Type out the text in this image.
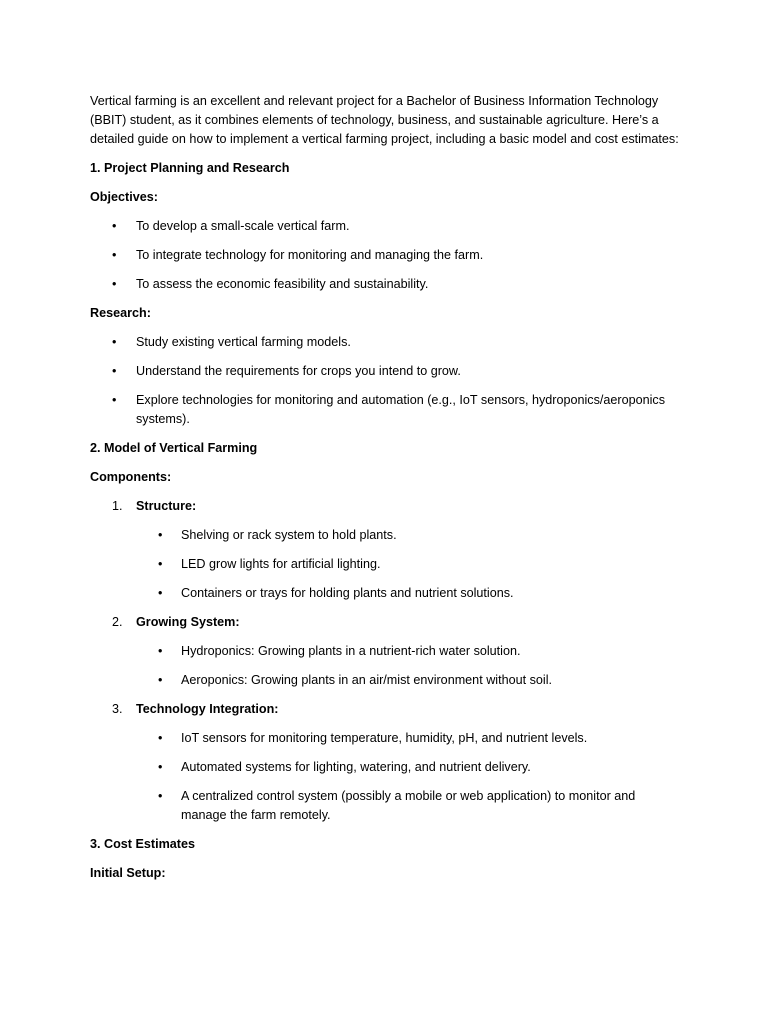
Vertical farming is an excellent and relevant project for a Bachelor of Business Information Technology (BBIT) student, as it combines elements of technology, business, and sustainable agriculture. Here’s a detailed guide on how to implement a vertical farming project, including a basic model and cost estimates:

1. Project Planning and Research

Objectives:

• To develop a small-scale vertical farm.
• To integrate technology for monitoring and managing the farm.
• To assess the economic feasibility and sustainability.

Research:

• Study existing vertical farming models.
• Understand the requirements for crops you intend to grow.
• Explore technologies for monitoring and automation (e.g., IoT sensors, hydroponics/aeroponics systems).

2. Model of Vertical Farming

Components:

1.	Structure:
• Shelving or rack system to hold plants.
• LED grow lights for artificial lighting.
• Containers or trays for holding plants and nutrient solutions.
2.	Growing System:
• Hydroponics: Growing plants in a nutrient-rich water solution.
• Aeroponics: Growing plants in an air/mist environment without soil.
3.	Technology Integration:
• IoT sensors for monitoring temperature, humidity, pH, and nutrient levels.
• Automated systems for lighting, watering, and nutrient delivery.
• A centralized control system (possibly a mobile or web application) to monitor and manage the farm remotely.

3. Cost Estimates

Initial Setup:
